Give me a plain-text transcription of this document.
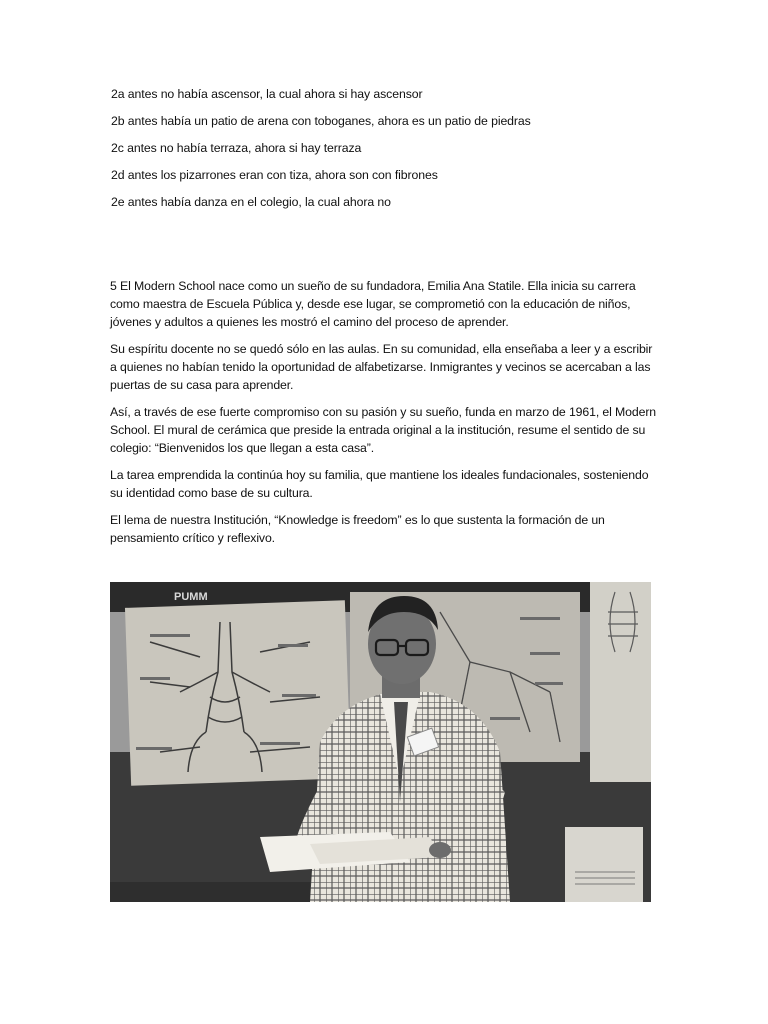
2a antes no había ascensor, la cual ahora si hay ascensor

2b antes había un patio de arena con toboganes, ahora es un patio de piedras

2c antes no había terraza, ahora si hay terraza

2d antes los pizarrones eran con tiza, ahora son con fibrones

2e antes había danza en el colegio, la cual ahora no

5 El Modern School nace como un sueño de su fundadora, Emilia Ana Statile. Ella inicia su carrera como maestra de Escuela Pública y, desde ese lugar, se comprometió con la educación de niños, jóvenes y adultos a quienes les mostró el camino del proceso de aprender.

Su espíritu docente no se quedó sólo en las aulas. En su comunidad, ella enseñaba a leer y a escribir a quienes no habían tenido la oportunidad de alfabetizarse. Inmigrantes y vecinos se acercaban a las puertas de su casa para aprender.

Así, a través de ese fuerte compromiso con su pasión y su sueño, funda en marzo de 1961, el Modern School. El mural de cerámica que preside la entrada original a la institución, resume el sentido de su colegio: “Bienvenidos los que llegan a esta casa”.

La tarea emprendida la continúa hoy su familia, que mantiene los ideales fundacionales, sosteniendo su identidad como base de su cultura.

El lema de nuestra Institución, “Knowledge is freedom” es lo que sustenta la formación de un pensamiento crítico y reflexivo.

PUMM
